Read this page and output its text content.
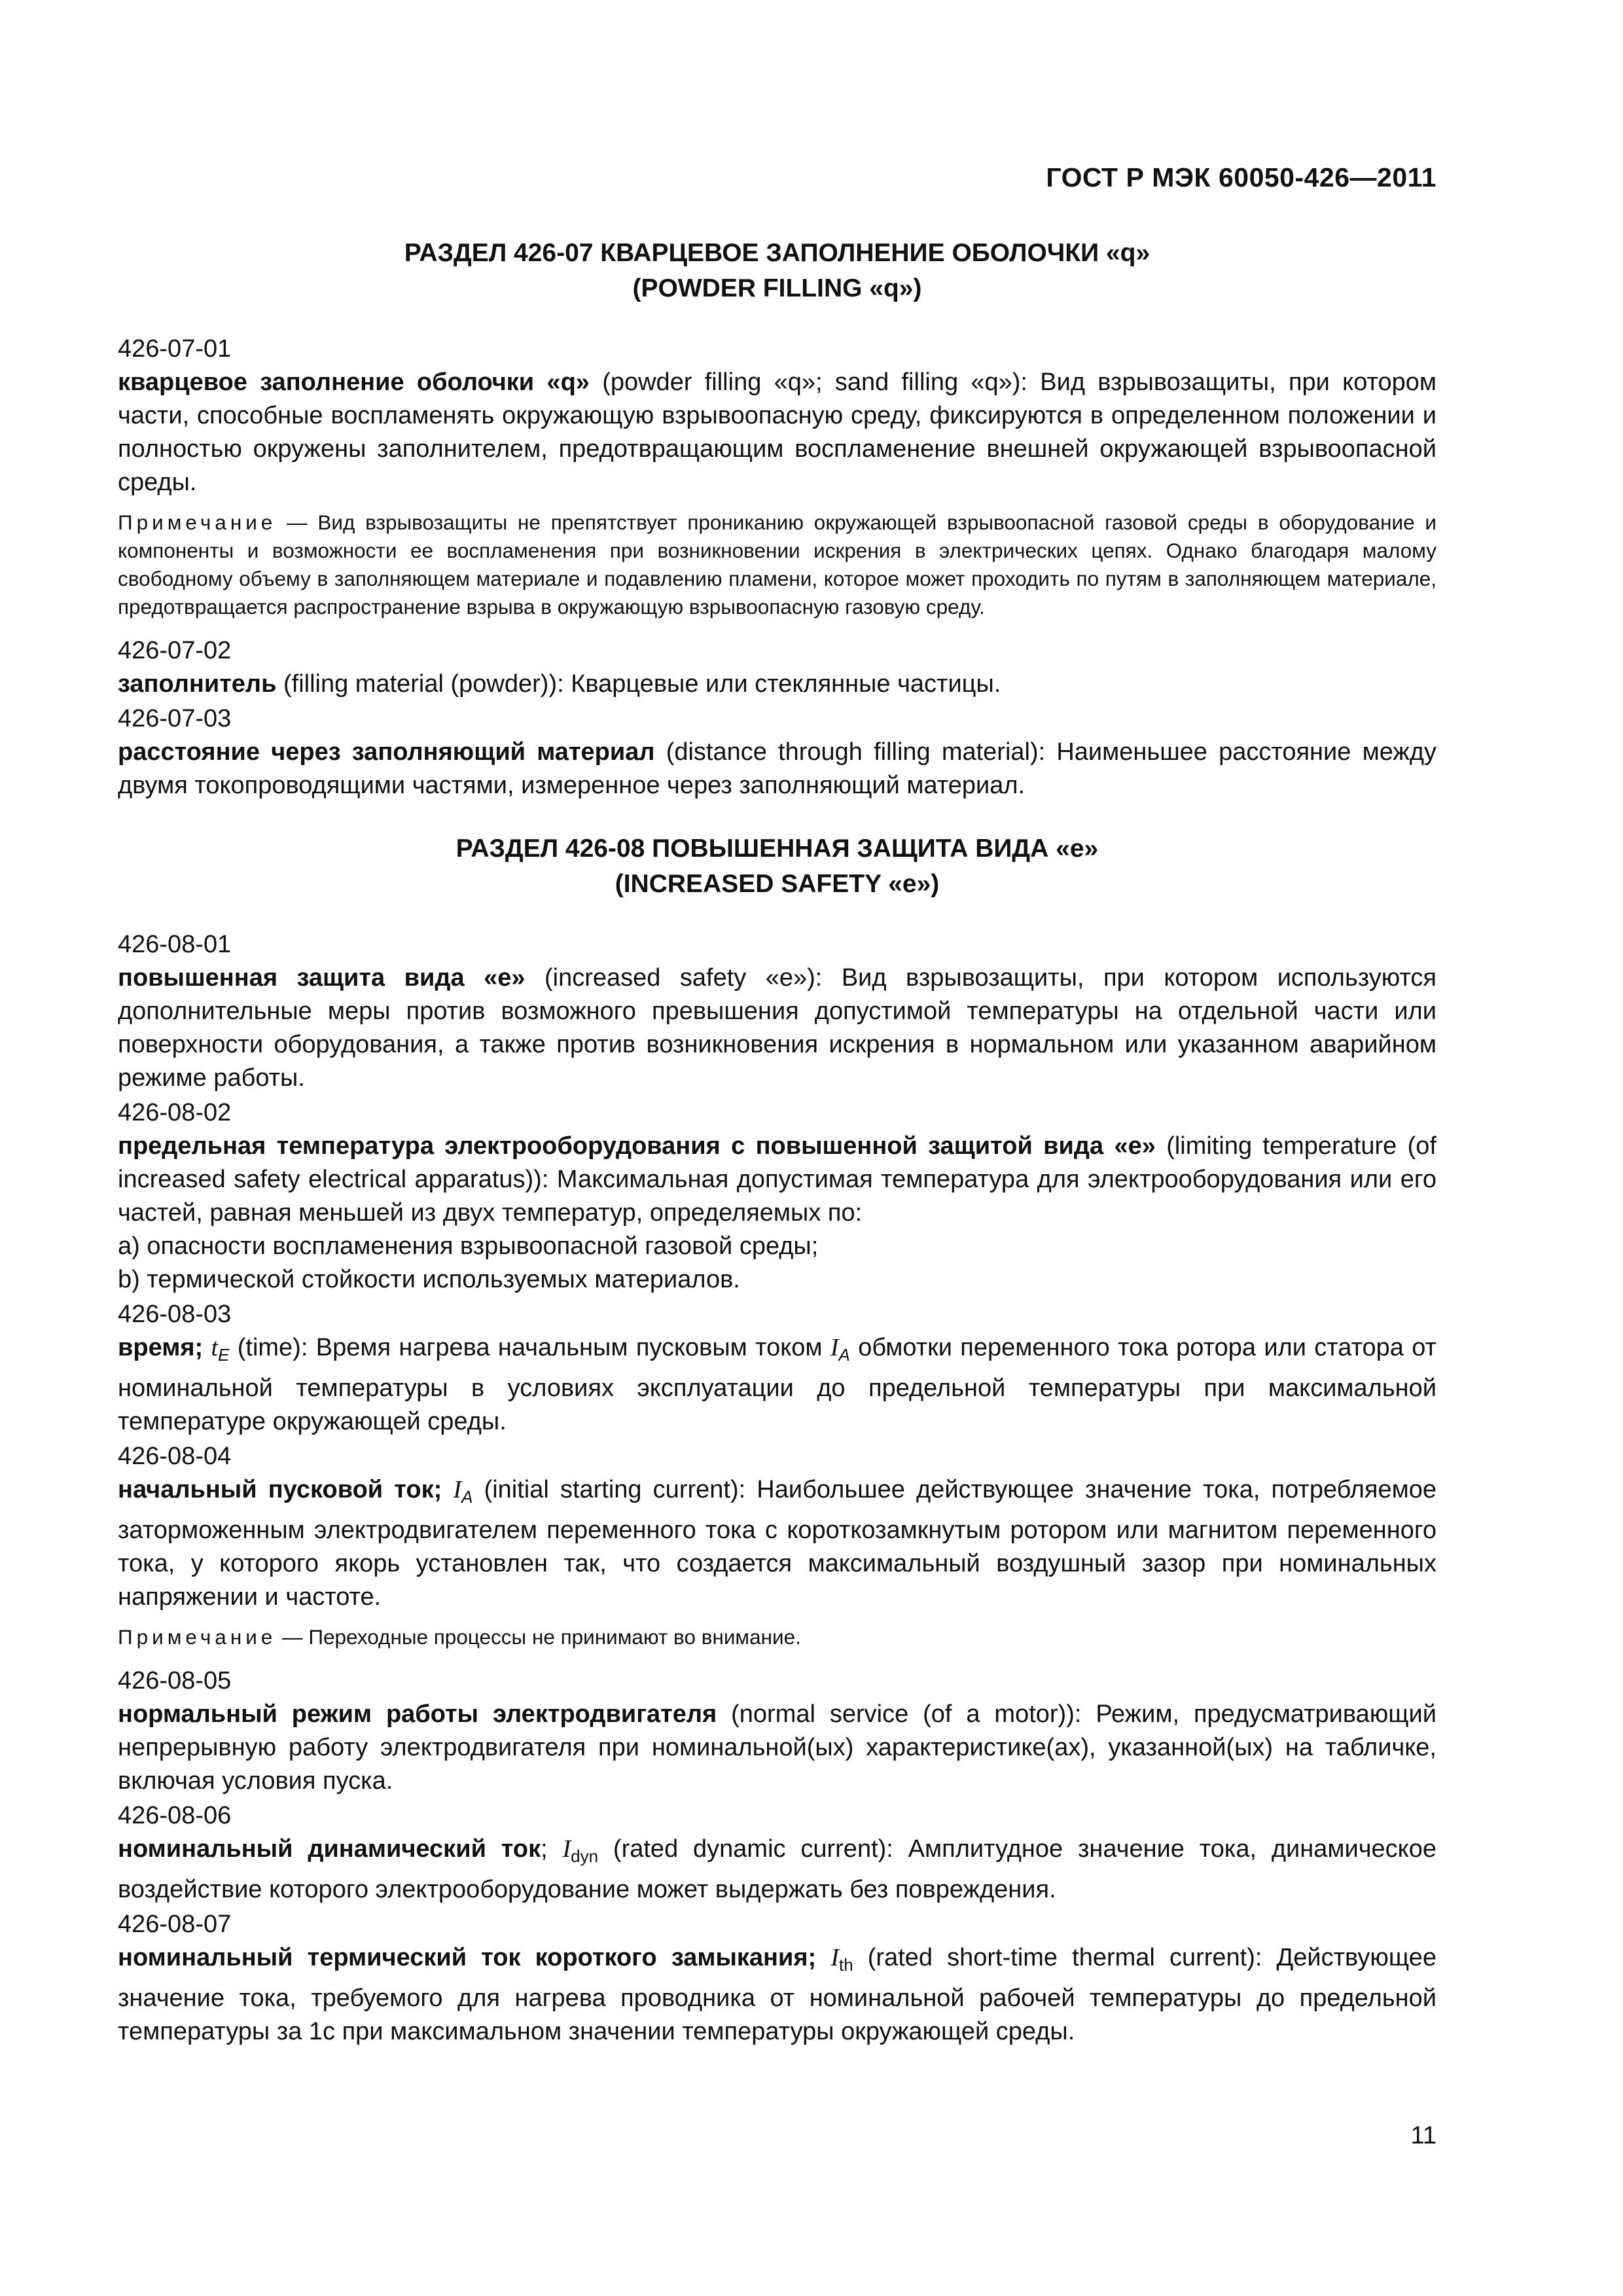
ГОСТ Р МЭК 60050-426—2011
РАЗДЕЛ 426-07 КВАРЦЕВОЕ ЗАПОЛНЕНИЕ ОБОЛОЧКИ «q»
(POWDER FILLING «q»)
426-07-01
кварцевое заполнение оболочки «q» (powder filling «q»; sand filling «q»): Вид взрывозащиты, при котором части, способные воспламенять окружающую взрывоопасную среду, фиксируются в определенном положении и полностью окружены заполнителем, предотвращающим воспламенение внешней окружающей взрывоопасной среды.
Примечание — Вид взрывозащиты не препятствует прониканию окружающей взрывоопасной газовой среды в оборудование и компоненты и возможности ее воспламенения при возникновении искрения в электрических цепях. Однако благодаря малому свободному объему в заполняющем материале и подавлению пламени, которое может проходить по путям в заполняющем материале, предотвращается распространение взрыва в окружающую взрывоопасную газовую среду.
426-07-02
заполнитель (filling material (powder)): Кварцевые или стеклянные частицы.
426-07-03
расстояние через заполняющий материал (distance through filling material): Наименьшее расстояние между двумя токопроводящими частями, измеренное через заполняющий материал.
РАЗДЕЛ 426-08 ПОВЫШЕННАЯ ЗАЩИТА ВИДА «е»
(INCREASED SAFETY «е»)
426-08-01
повышенная защита вида «е» (increased safety «е»): Вид взрывозащиты, при котором используются дополнительные меры против возможного превышения допустимой температуры на отдельной части или поверхности оборудования, а также против возникновения искрения в нормальном или указанном аварийном режиме работы.
426-08-02
предельная температура электрооборудования с повышенной защитой вида «е» (limiting temperature (of increased safety electrical apparatus)): Максимальная допустимая температура для электрооборудования или его частей, равная меньшей из двух температур, определяемых по:
а) опасности воспламенения взрывоопасной газовой среды;
b) термической стойкости используемых материалов.
426-08-03
время; $t_E$ (time): Время нагрева начальным пусковым током $I_A$ обмотки переменного тока ротора или статора от номинальной температуры в условиях эксплуатации до предельной температуры при максимальной температуре окружающей среды.
426-08-04
начальный пусковой ток; $I_A$ (initial starting current): Наибольшее действующее значение тока, потребляемое заторможенным электродвигателем переменного тока с короткозамкнутым ротором или магнитом переменного тока, у которого якорь установлен так, что создается максимальный воздушный зазор при номинальных напряжении и частоте.
Примечание — Переходные процессы не принимают во внимание.
426-08-05
нормальный режим работы электродвигателя (normal service (of a motor)): Режим, предусматривающий непрерывную работу электродвигателя при номинальной(ых) характеристике(ах), указанной(ых) на табличке, включая условия пуска.
426-08-06
номинальный динамический ток; $I_{dyn}$ (rated dynamic current): Амплитудное значение тока, динамическое воздействие которого электрооборудование может выдержать без повреждения.
426-08-07
номинальный термический ток короткого замыкания; $I_{th}$ (rated short-time thermal current): Действующее значение тока, требуемого для нагрева проводника от номинальной рабочей температуры до предельной температуры за 1с при максимальном значении температуры окружающей среды.
11
